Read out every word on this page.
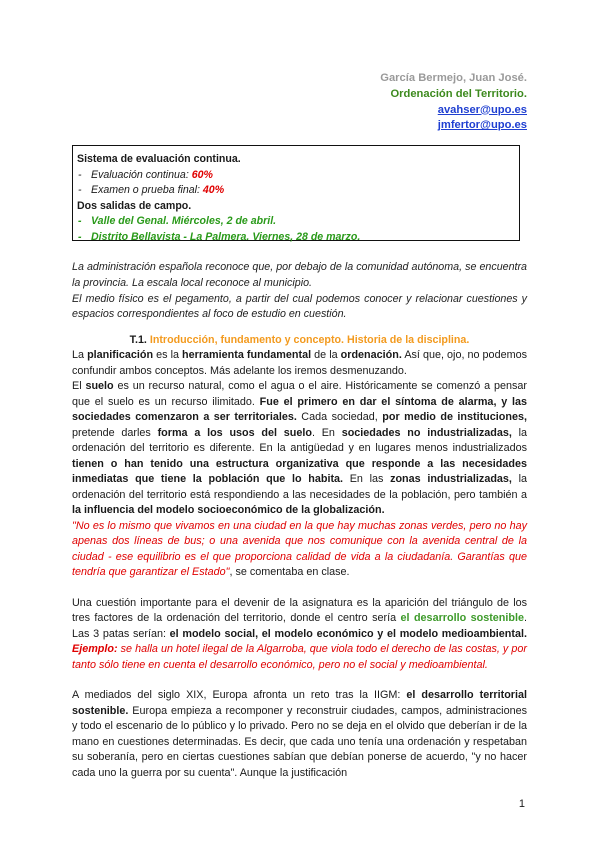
García Bermejo, Juan José.
Ordenación del Territorio.
avahser@upo.es
jmfertor@upo.es
Sistema de evaluación continua.
- Evaluación continua: 60%
- Examen o prueba final: 40%
Dos salidas de campo.
- Valle del Genal. Miércoles, 2 de abril.
- Distrito Bellavista - La Palmera. Viernes, 28 de marzo.

La administración española reconoce que, por debajo de la comunidad autónoma, se encuentra la provincia. La escala local reconoce al municipio.

El medio físico es el pegamento, a partir del cual podemos conocer y relacionar cuestiones y espacios correspondientes al foco de estudio en cuestión.

T.1. Introducción, fundamento y concepto. Historia de la disciplina.

La planificación es la herramienta fundamental de la ordenación. Así que, ojo, no podemos confundir ambos conceptos. Más adelante los iremos desmenuzando.

El suelo es un recurso natural, como el agua o el aire. Históricamente se comenzó a pensar que el suelo es un recurso ilimitado. Fue el primero en dar el síntoma de alarma, y las sociedades comenzaron a ser territoriales. Cada sociedad, por medio de instituciones, pretende darles forma a los usos del suelo. En sociedades no industrializadas, la ordenación del territorio es diferente. En la antigüedad y en lugares menos industrializados tienen o han tenido una estructura organizativa que responde a las necesidades inmediatas que tiene la población que lo habita. En las zonas industrializadas, la ordenación del territorio está respondiendo a las necesidades de la población, pero también a la influencia del modelo socioeconómico de la globalización.

"No es lo mismo que vivamos en una ciudad en la que hay muchas zonas verdes, pero no hay apenas dos líneas de bus; o una avenida que nos comunique con la avenida central de la ciudad - ese equilibrio es el que proporciona calidad de vida a la ciudadanía. Garantías que tendría que garantizar el Estado", se comentaba en clase.

Una cuestión importante para el devenir de la asignatura es la aparición del triángulo de los tres factores de la ordenación del territorio, donde el centro sería el desarrollo sostenible. Las 3 patas serían: el modelo social, el modelo económico y el modelo medioambiental. Ejemplo: se halla un hotel ilegal de la Algarroba, que viola todo el derecho de las costas, y por tanto sólo tiene en cuenta el desarrollo económico, pero no el social y medioambiental.

A mediados del siglo XIX, Europa afronta un reto tras la IIGM: el desarrollo territorial sostenible. Europa empieza a recomponer y reconstruir ciudades, campos, administraciones y todo el escenario de lo público y lo privado. Pero no se deja en el olvido que deberían ir de la mano en cuestiones determinadas. Es decir, que cada uno tenía una ordenación y respetaban su soberanía, pero en ciertas cuestiones sabían que debían ponerse de acuerdo, "y no hacer cada uno la guerra por su cuenta". Aunque la justificación

1
